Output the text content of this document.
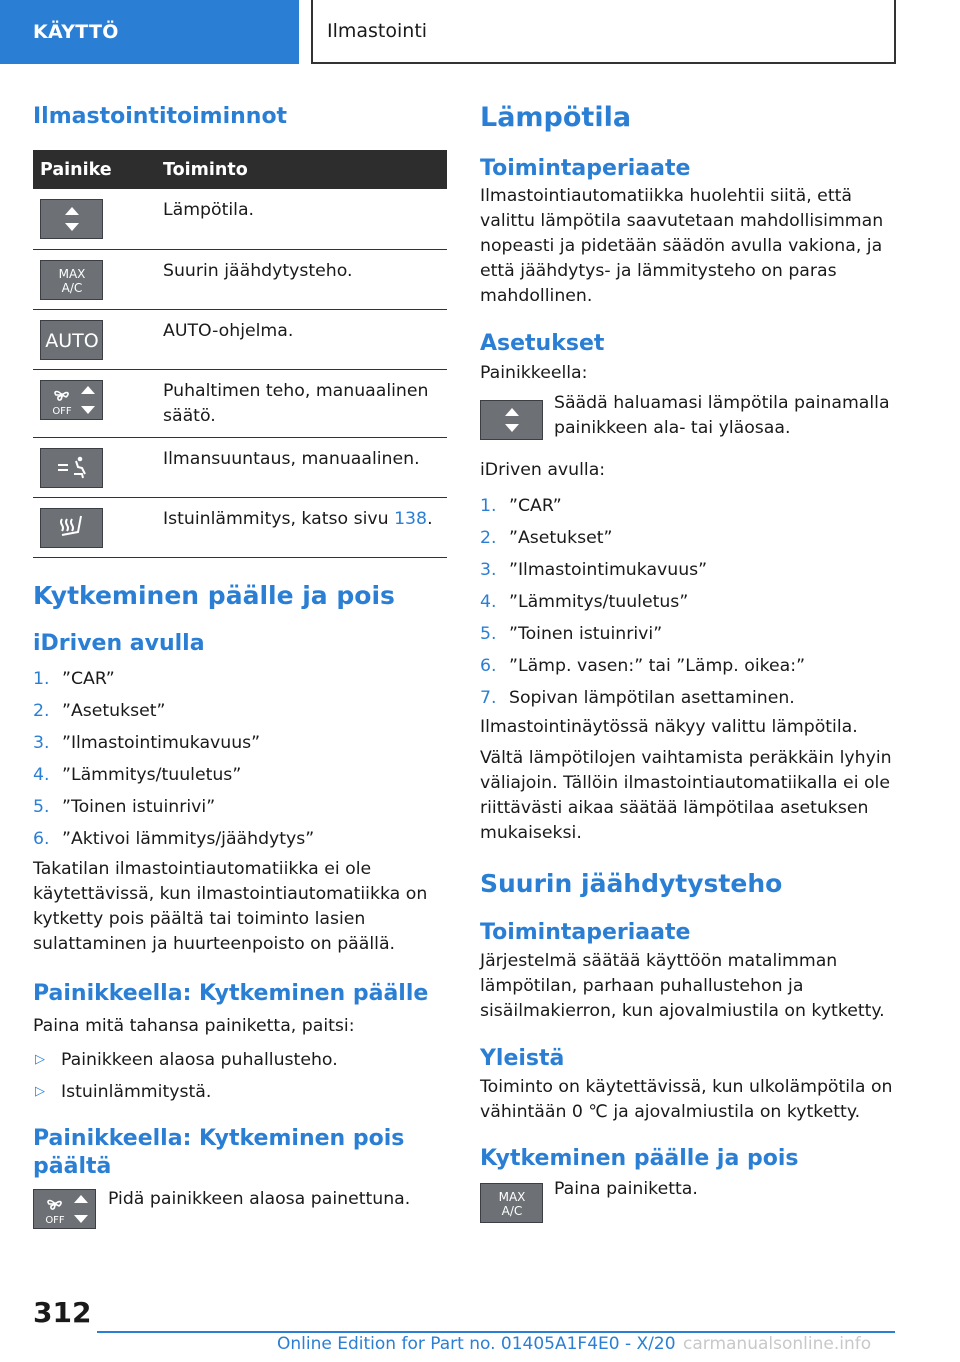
KÄYTTÖ	Ilmastointi
Ilmastointitoiminnot
Painike	Toiminto

	Lämpötila.

MAX
A/C	Suurin jäähdytysteho.

AUTO	AUTO-ohjelma.

OFF	Puhaltimen teho, manuaalinen säätö.

	Ilmansuuntaus, manuaalinen.

	Istuinlämmitys, katso sivu 138.
Kytkeminen päälle ja pois
iDriven avulla
1. ”CAR”
2. ”Asetukset”
3. ”Ilmastointimukavuus”
4. ”Lämmitys/tuuletus”
5. ”Toinen istuinrivi”
6. ”Aktivoi lämmitys/jäähdytys”

Takatilan ilmastointiautomatiikka ei ole käytettävissä, kun ilmastointiautomatiikka on kytketty pois päältä tai toiminto lasien sulattaminen ja huurteenpoisto on päällä.

Painikkeella: Kytkeminen päälle

Paina mitä tahansa painiketta, paitsi:

▷ Painikkeen alaosa puhallusteho.
▷ Istuinlämmitystä.
Painikkeella: Kytkeminen pois päältä
OFF

Pidä painikkeen alaosa painettuna.

Lämpötila
Toimintaperiaate

Ilmastointiautomatiikka huolehtii siitä, että valittu lämpötila saavutetaan mahdollisimman nopeasti ja pidetään säädön avulla vakiona, ja että jäähdytys- ja lämmitysteho on paras mahdollinen.

Asetukset

Painikkeella:

Säädä haluamasi lämpötila painamalla painikkeen ala- tai yläosaa.

iDriven avulla:

1. ”CAR”
2. ”Asetukset”
3. ”Ilmastointimukavuus”
4. ”Lämmitys/tuuletus”
5. ”Toinen istuinrivi”
6. ”Lämp. vasen:” tai ”Lämp. oikea:”
7. Sopivan lämpötilan asettaminen.

Ilmastointinäytössä näkyy valittu lämpötila.

Vältä lämpötilojen vaihtamista peräkkäin lyhyin väliajoin. Tällöin ilmastointiautomatiikalla ei ole riittävästi aikaa säätää lämpötilaa asetuksen mukaiseksi.

Suurin jäähdytysteho
Toimintaperiaate

Järjestelmä säätää käyttöön matalimman lämpötilan, parhaan puhallustehon ja sisäilmakierron, kun ajovalmiustila on kytketty.

Yleistä

Toiminto on käytettävissä, kun ulkolämpötila on vähintään 0 ℃ ja ajovalmiustila on kytketty.

Kytkeminen päälle ja pois
MAX
A/C

Paina painiketta.

312
Online Edition for Part no. 01405A1F4E0 - X/20 carmanualsonline.info
